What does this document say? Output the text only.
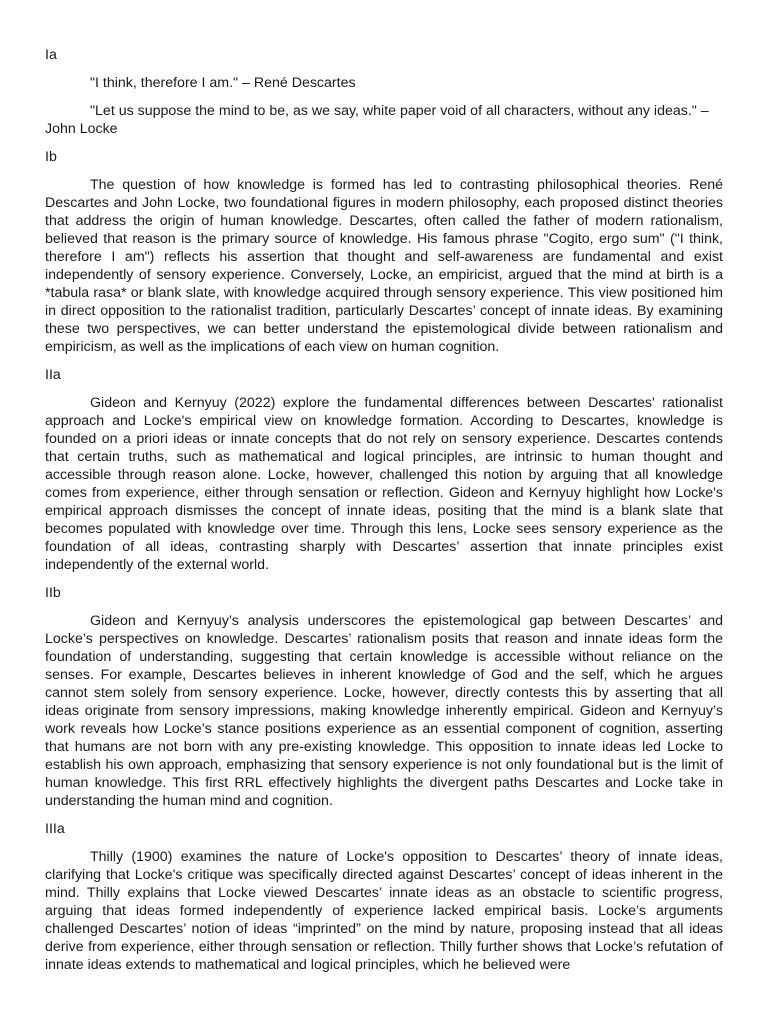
Ia

"I think, therefore I am." – René Descartes

"Let us suppose the mind to be, as we say, white paper void of all characters, without any ideas." – John Locke

Ib

The question of how knowledge is formed has led to contrasting philosophical theories. René Descartes and John Locke, two foundational figures in modern philosophy, each proposed distinct theories that address the origin of human knowledge. Descartes, often called the father of modern rationalism, believed that reason is the primary source of knowledge. His famous phrase "Cogito, ergo sum" ("I think, therefore I am") reflects his assertion that thought and self-awareness are fundamental and exist independently of sensory experience. Conversely, Locke, an empiricist, argued that the mind at birth is a *tabula rasa* or blank slate, with knowledge acquired through sensory experience. This view positioned him in direct opposition to the rationalist tradition, particularly Descartes’ concept of innate ideas. By examining these two perspectives, we can better understand the epistemological divide between rationalism and empiricism, as well as the implications of each view on human cognition.

IIa

Gideon and Kernyuy (2022) explore the fundamental differences between Descartes' rationalist approach and Locke's empirical view on knowledge formation. According to Descartes, knowledge is founded on a priori ideas or innate concepts that do not rely on sensory experience. Descartes contends that certain truths, such as mathematical and logical principles, are intrinsic to human thought and accessible through reason alone. Locke, however, challenged this notion by arguing that all knowledge comes from experience, either through sensation or reflection. Gideon and Kernyuy highlight how Locke's empirical approach dismisses the concept of innate ideas, positing that the mind is a blank slate that becomes populated with knowledge over time. Through this lens, Locke sees sensory experience as the foundation of all ideas, contrasting sharply with Descartes’ assertion that innate principles exist independently of the external world.

IIb

Gideon and Kernyuy’s analysis underscores the epistemological gap between Descartes’ and Locke’s perspectives on knowledge. Descartes’ rationalism posits that reason and innate ideas form the foundation of understanding, suggesting that certain knowledge is accessible without reliance on the senses. For example, Descartes believes in inherent knowledge of God and the self, which he argues cannot stem solely from sensory experience. Locke, however, directly contests this by asserting that all ideas originate from sensory impressions, making knowledge inherently empirical. Gideon and Kernyuy’s work reveals how Locke’s stance positions experience as an essential component of cognition, asserting that humans are not born with any pre-existing knowledge. This opposition to innate ideas led Locke to establish his own approach, emphasizing that sensory experience is not only foundational but is the limit of human knowledge. This first RRL effectively highlights the divergent paths Descartes and Locke take in understanding the human mind and cognition.

IIIa

Thilly (1900) examines the nature of Locke's opposition to Descartes’ theory of innate ideas, clarifying that Locke's critique was specifically directed against Descartes’ concept of ideas inherent in the mind. Thilly explains that Locke viewed Descartes’ innate ideas as an obstacle to scientific progress, arguing that ideas formed independently of experience lacked empirical basis. Locke’s arguments challenged Descartes’ notion of ideas “imprinted” on the mind by nature, proposing instead that all ideas derive from experience, either through sensation or reflection. Thilly further shows that Locke’s refutation of innate ideas extends to mathematical and logical principles, which he believed were
